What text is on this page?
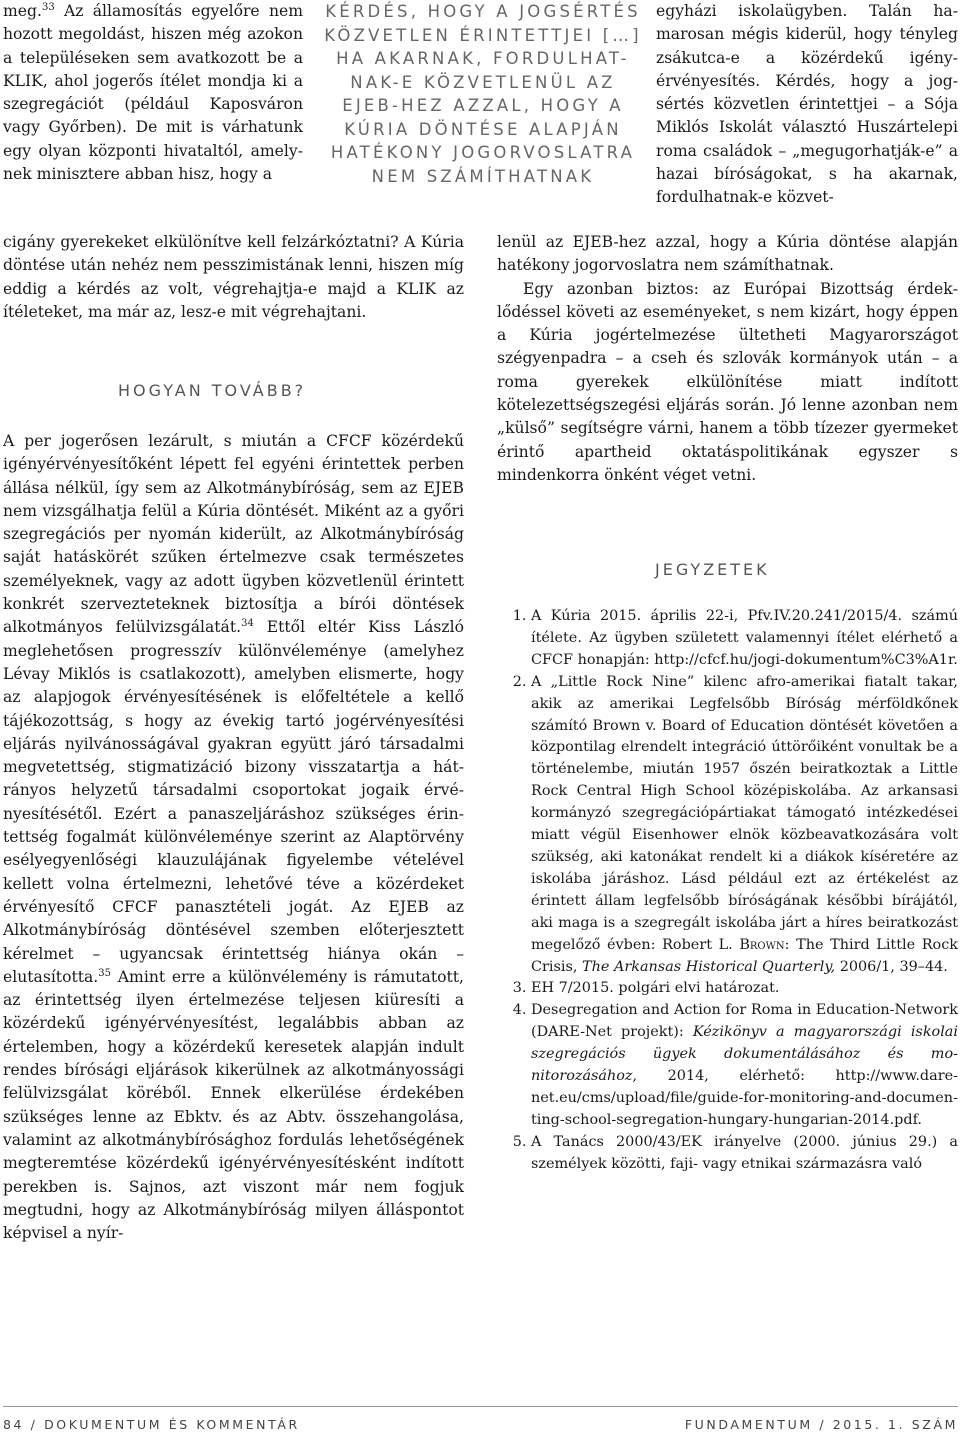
KÉRDÉS, HOGY A JOGSÉRTÉS
KÖZVETLEN ÉRINTETTJEI […]
HA AKARNAK, FORDULHAT-
NAK-E KÖZVETLENÜL AZ
EJEB-HEZ AZZAL, HOGY A
KÚRIA DÖNTÉSE ALAPJÁN
HATÉKONY JOGORVOSLATRA
NEM SZÁMÍTHATNAK

meg.$^{33}$ Az államosítás egyelőre nem hozott megoldást, hiszen még azokon a településeken sem avatkozott be a KLIK, ahol jogerős ítélet mondja ki a szegregációt (például Kaposváron vagy Győrben). De mit is várhatunk egy olyan központi hivataltól, amelynek minisztere abban hisz, hogy a

cigány gyerekeket elkülönítve kell felzárkóztatni? A Kúria döntése után nehéz nem pesszimistának lenni, hiszen míg eddig a kérdés az volt, végrehajtja-e majd a KLIK az ítéleteket, ma már az, lesz-e mit végrehajtani.

HOGYAN TOVÁBB?

A per jogerősen lezárult, s miután a CFCF közérdekű igényérvényesítőként lépett fel egyéni érintettek perben állása nélkül, így sem az Alkotmánybíróság, sem az EJEB nem vizsgálhatja felül a Kúria döntését. Miként az a győri szegregációs per nyomán kiderült, az Alkotmánybíróság saját hatáskörét szűken értelmezve csak természetes személyeknek, vagy az adott ügyben közvetlenül érintett konkrét szervezteteknek biztosítja a bírói döntések alkotmányos felülvizsgálatát.$^{34}$ Ettől eltér Kiss László meglehetősen progresszív különvéleménye (amelyhez Lévay Miklós is csatlakozott), amelyben elismerte, hogy az alapjogok érvényesítésének is előfeltétele a kellő tájékozottság, s hogy az évekig tartó jogérvényesítési eljárás nyilvánosságával gyakran együtt járó társadalmi megvetettség, stigmatizáció bizony visszatartja a hátrányos helyzetű társadalmi csoportokat jogaik érvényesítésétől. Ezért a panaszeljáráshoz szükséges érintettség fogalmát különvéleménye szerint az Alaptörvény esélyegyenlőségi klauzulájának figyelembe vételével kellett volna értelmezni, lehetővé téve a közérdeket érvényesítő CFCF panasztételi jogát. Az EJEB az Alkotmánybíróság döntésével szemben előterjesztett kérelmet – ugyancsak érintettség hiánya okán – elutasította.$^{35}$ Amint erre a különvélemény is rámutatott, az érintettség ilyen értelmezése teljesen kiüresíti a közérdekű igényérvényesítést, legalábbis abban az értelemben, hogy a közérdekű keresetek alapján indult rendes bírósági eljárások kikerülnek az alkotmányossági felülvizsgálat köréből. Ennek elkerülése érdekében szükséges lenne az Ebktv. és az Abtv. összehangolása, valamint az alkotmánybírósághoz fordulás lehetőségének megteremtése közérdekű igényérvényesítésként indított perekben is. Sajnos, azt viszont már nem fogjuk megtudni, hogy az Alkotmánybíróság milyen álláspontot képvisel a nyír-

egyházi iskolaügyben. Talán hamarosan mégis kiderül, hogy tényleg zsákutca-e a közérdekű igényérvényesítés. Kérdés, hogy a jogsértés közvetlen érintettjei – a Sója Miklós Iskolát választó Huszártelepi roma családok – „megugorhatják-e” a hazai bíróságokat, s ha akarnak, fordulhatnak-e közvet-

lenül az EJEB-hez azzal, hogy a Kúria döntése alapján hatékony jogorvoslatra nem számíthatnak.

Egy azonban biztos: az Európai Bizottság érdeklődéssel követi az eseményeket, s nem kizárt, hogy éppen a Kúria jogértelmezése ültetheti Magyarországot szégyenpadra – a cseh és szlovák kormányok után – a roma gyerekek elkülönítése miatt indított kötelezettségszegési eljárás során. Jó lenne azonban nem „külső” segítségre várni, hanem a több tízezer gyermeket érintő apartheid oktatáspolitikának egyszer s mindenkorra önként véget vetni.

JEGYZETEK
1. A Kúria 2015. április 22-i, Pfv.IV.20.241/2015/4. számú ítélete. Az ügyben született valamennyi ítélet elérhető a CFCF honapján: http://cfcf.hu/jogi-dokumentum%C3%A1r.
2. A „Little Rock Nine” kilenc afro-amerikai fiatalt takar, akik az amerikai Legfelsőbb Bíróság mérföldkőnek számító Brown v. Board of Education döntését követően a központilag elrendelt integráció úttörőiként vonultak be a történelembe, miután 1957 őszén beiratkoztak a Little Rock Central High School középiskolába. Az arkansasi kormányzó szegregációpártiakat támogató intézkedései miatt végül Eisenhower elnök közbeavatkozására volt szükség, aki katonákat rendelt ki a diákok kíséretére az iskolába járáshoz. Lásd például ezt az értékelést az érintett állam legfelsőbb bíróságának későbbi bírájától, aki maga is a szegregált iskolába járt a híres beiratkozást megelőző évben: Robert L. Brown: The Third Little Rock Crisis, The Arkansas Historical Quarterly, 2006/1, 39–44.
3. EH 7/2015. polgári elvi határozat.
4. Desegregation and Action for Roma in Education-Network (DARE-Net projekt): Kézikönyv a magyarországi iskolai szegregációs ügyek dokumentálásához és monitorozásához, 2014, elérhető: http://www.dare-net.eu/cms/upload/file/guide-for-monitoring-and-documenting-school-segregation-hungary-hungarian-2014.pdf.
5. A Tanács 2000/43/EK irányelve (2000. június 29.) a személyek közötti, faji- vagy etnikai származásra való
84 / DOKUMENTUM ÉS KOMMENTÁR	FUNDAMENTUM / 2015. 1. SZÁM
